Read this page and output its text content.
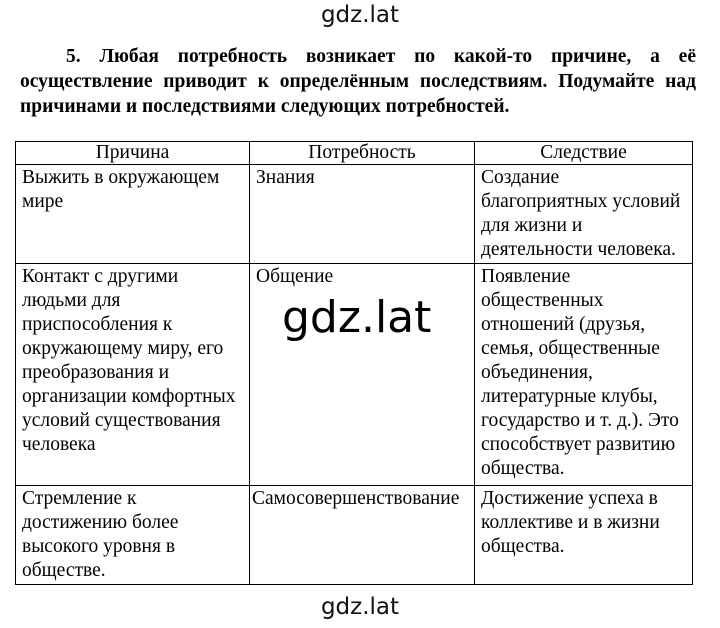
gdz.lat
5. Любая потребность возникает по какой-то причине, а её осуществление приводит к определённым последствиям. Подумайте над причинами и последствиями следующих потребностей.
Причина	Потребность	Следствие
Выжить в окружающем мире	Знания	Создание благоприятных условий для жизни и деятельности человека.
Контакт с другими людьми для приспособления к окружающему миру, его преобразования и организации комфортных условий существования человека	Общение	Появление общественных отношений (друзья, семья, общественные объединения, литературные клубы, государство и т. д.). Это способствует развитию общества.
Стремление к достижению более высокого уровня в обществе.	Самосовершенствование	Достижение успеха в коллективе и в жизни общества.
gdz.lat
gdz.lat
